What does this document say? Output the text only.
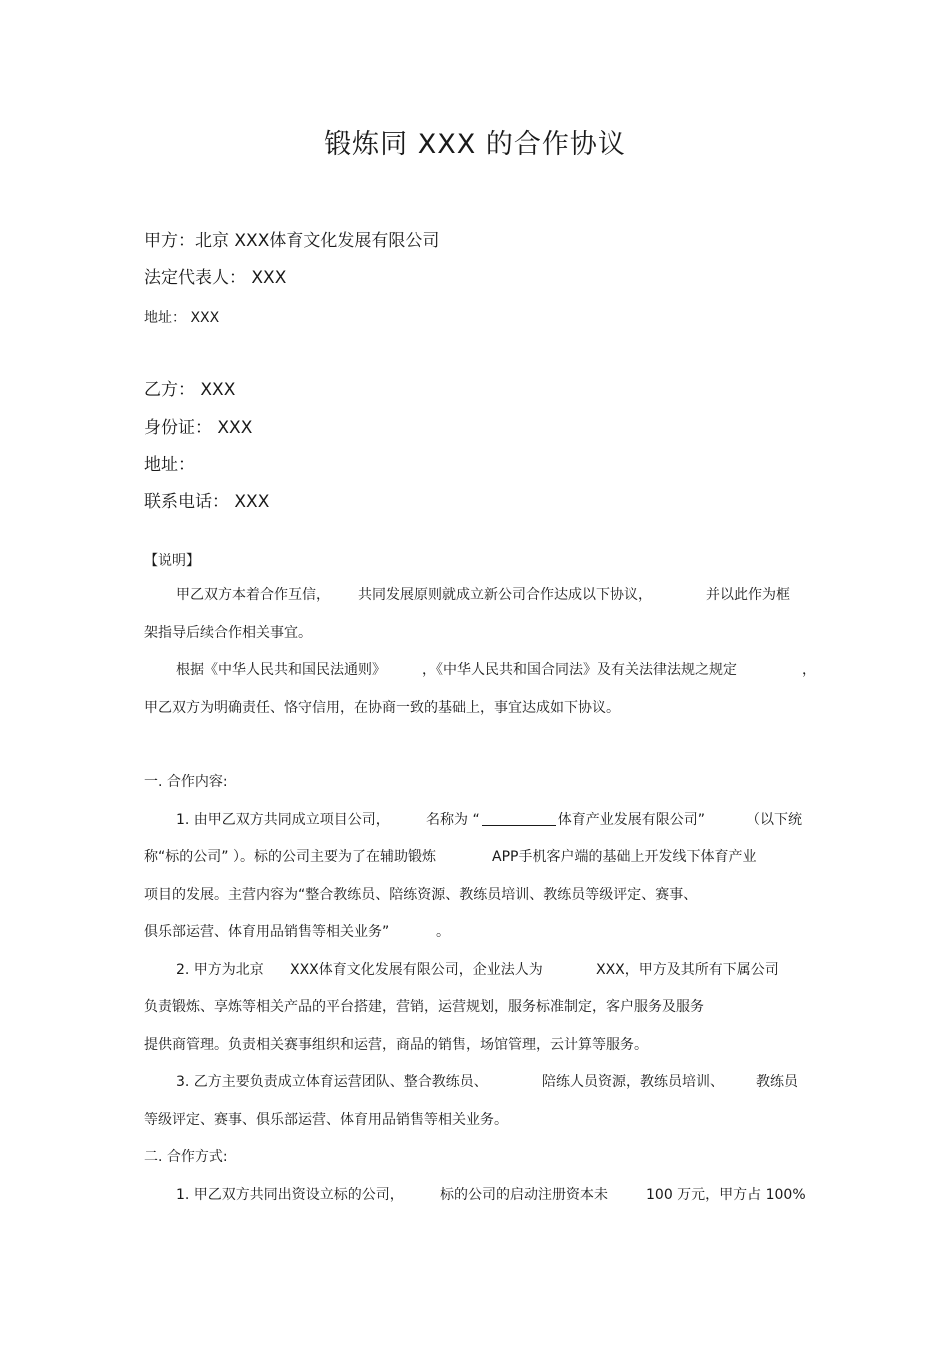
锻炼同 XXX 的合作协议
甲方：北京 XXX体育文化发展有限公司
法定代表人： XXX
地址： XXX
乙方： XXX
身份证： XXX
地址：
联系电话： XXX
【说明】
甲乙双方本着合作互信， 共同发展原则就成立新公司合作达成以下协议，	并以此作为框
架指导后续合作相关事宜。
根据《中华人民共和国民法通则》	，《中华人民共和国合同法》及有关法律法规之规定	，
甲乙双方为明确责任、恪守信用，在协商一致的基础上，事宜达成如下协议。
一. 合作内容:
1. 由甲乙双方共同成立项目公司，	名称为 “	体育产业发展有限公司”	（以下统
称“标的公司” ）。标的公司主要为了在辅助锻炼	APP手机客户端的基础上开发线下体育产业
项目的发展。主营内容为“整合教练员、陪练资源、教练员培训、教练员等级评定、赛事、
俱乐部运营、体育用品销售等相关业务”	。
2. 甲方为北京 XXX体育文化发展有限公司，企业法人为	XXX，甲方及其所有下属公司
负责锻炼、享炼等相关产品的平台搭建，营销，运营规划，服务标准制定，客户服务及服务
提供商管理。负责相关赛事组织和运营，商品的销售，场馆管理，云计算等服务。
3. 乙方主要负责成立体育运营团队、整合教练员、	陪练人员资源，教练员培训、 教练员
等级评定、赛事、俱乐部运营、体育用品销售等相关业务。
二. 合作方式:
1. 甲乙双方共同出资设立标的公司，	标的公司的启动注册资本未	100 万元，甲方占 100%
